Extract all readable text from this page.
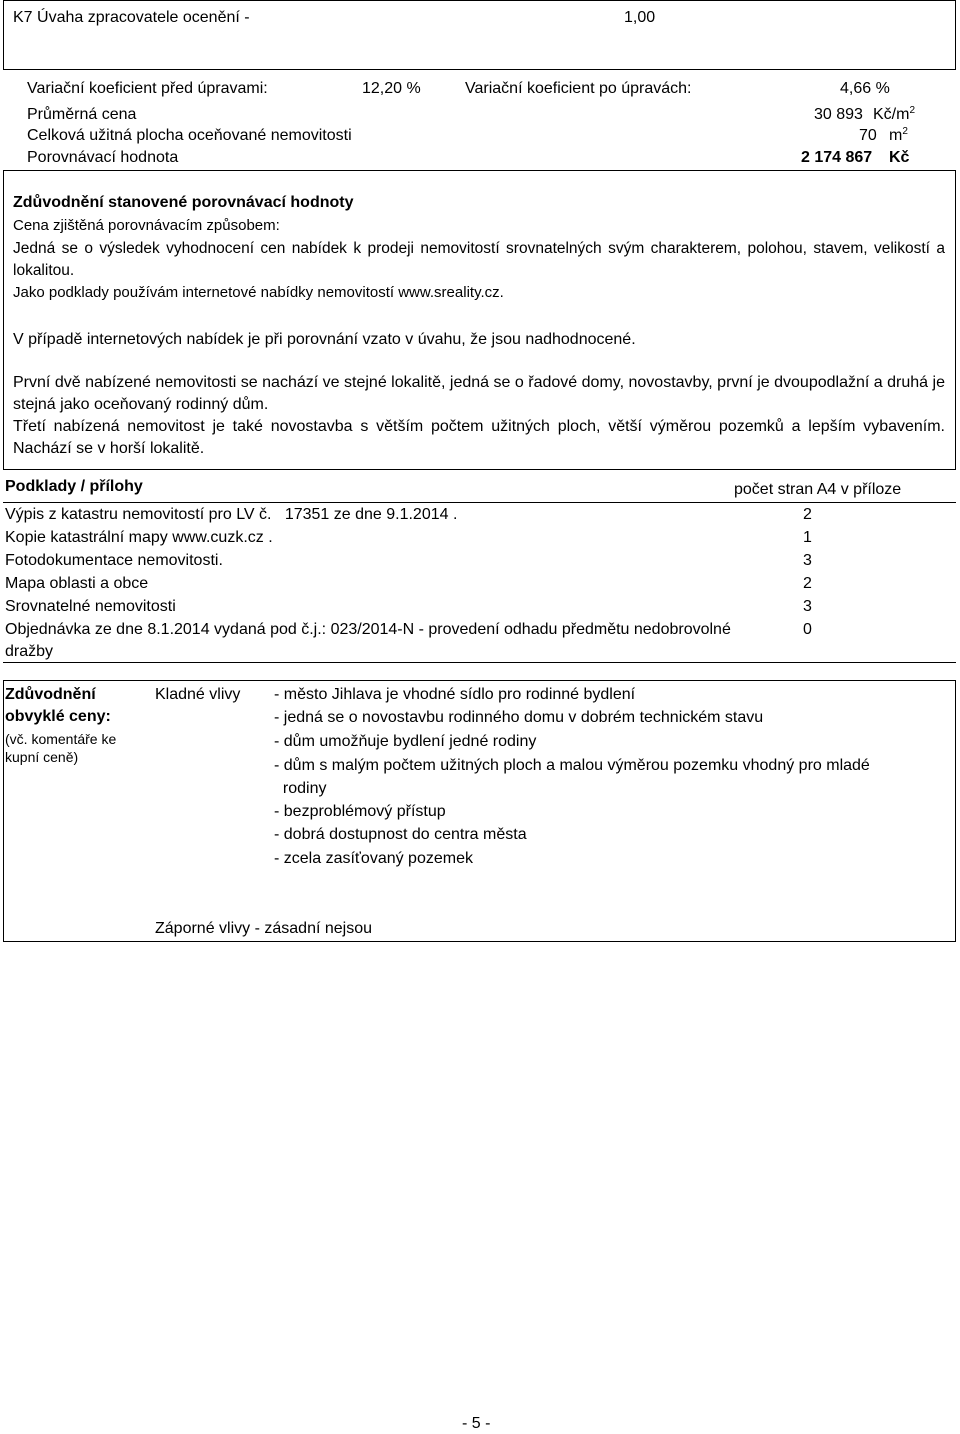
K7 Úvaha zpracovatele ocenění -	1,00
Variační koeficient před úpravami:	12,20 %	Variační koeficient po úpravách:	4,66 %
Průměrná cena	30 893 $Kč/m^2$
Celková užitná plocha oceňované nemovitosti	70 $m^2$
Porovnávací hodnota	2 174 867 Kč
Zdůvodnění stanovené porovnávací hodnoty
Cena zjištěná porovnávacím způsobem:
Jedná se o výsledek vyhodnocení cen nabídek k prodeji nemovitostí srovnatelných svým charakterem, polohou, stavem, velikostí a lokalitou.
Jako podklady používám internetové nabídky nemovitostí www.sreality.cz.
V případě internetových nabídek je při porovnání vzato v úvahu, že jsou nadhodnocené.
První dvě nabízené nemovitosti se nachází ve stejné lokalitě, jedná se o řadové domy, novostavby, první je dvoupodlažní a druhá je stejná jako oceňovaný rodinný dům.
Třetí nabízená nemovitost je také novostavba s větším počtem užitných ploch, větší výměrou pozemků a lepším vybavením. Nachází se v horší lokalitě.
Podklady / přílohy	počet stran A4 v příloze
Výpis z katastru nemovitostí pro LV č.   17351 ze dne 9.1.2014 .	2
Kopie katastrální mapy www.cuzk.cz .	1
Fotodokumentace nemovitosti.	3
Mapa oblasti a obce	2
Srovnatelné nemovitosti	3
Objednávka ze dne 8.1.2014 vydaná pod č.j.: 023/2014-N - provedení odhadu předmětu nedobrovolné	0
dražby
Zdůvodnění
obvyklé ceny:
(vč. komentáře ke
kupní ceně)
Kladné vlivy - město Jihlava je vhodné sídlo pro rodinné bydlení
- jedná se o novostavbu rodinného domu v dobrém technickém stavu
- dům umožňuje bydlení jedné rodiny
- dům s malým počtem užitných ploch a malou výměrou pozemku vhodný pro mladé
rodiny
- bezproblémový přístup
- dobrá dostupnost do centra města
- zcela zasíťovaný pozemek
Záporné vlivy - zásadní nejsou
- 5 -
